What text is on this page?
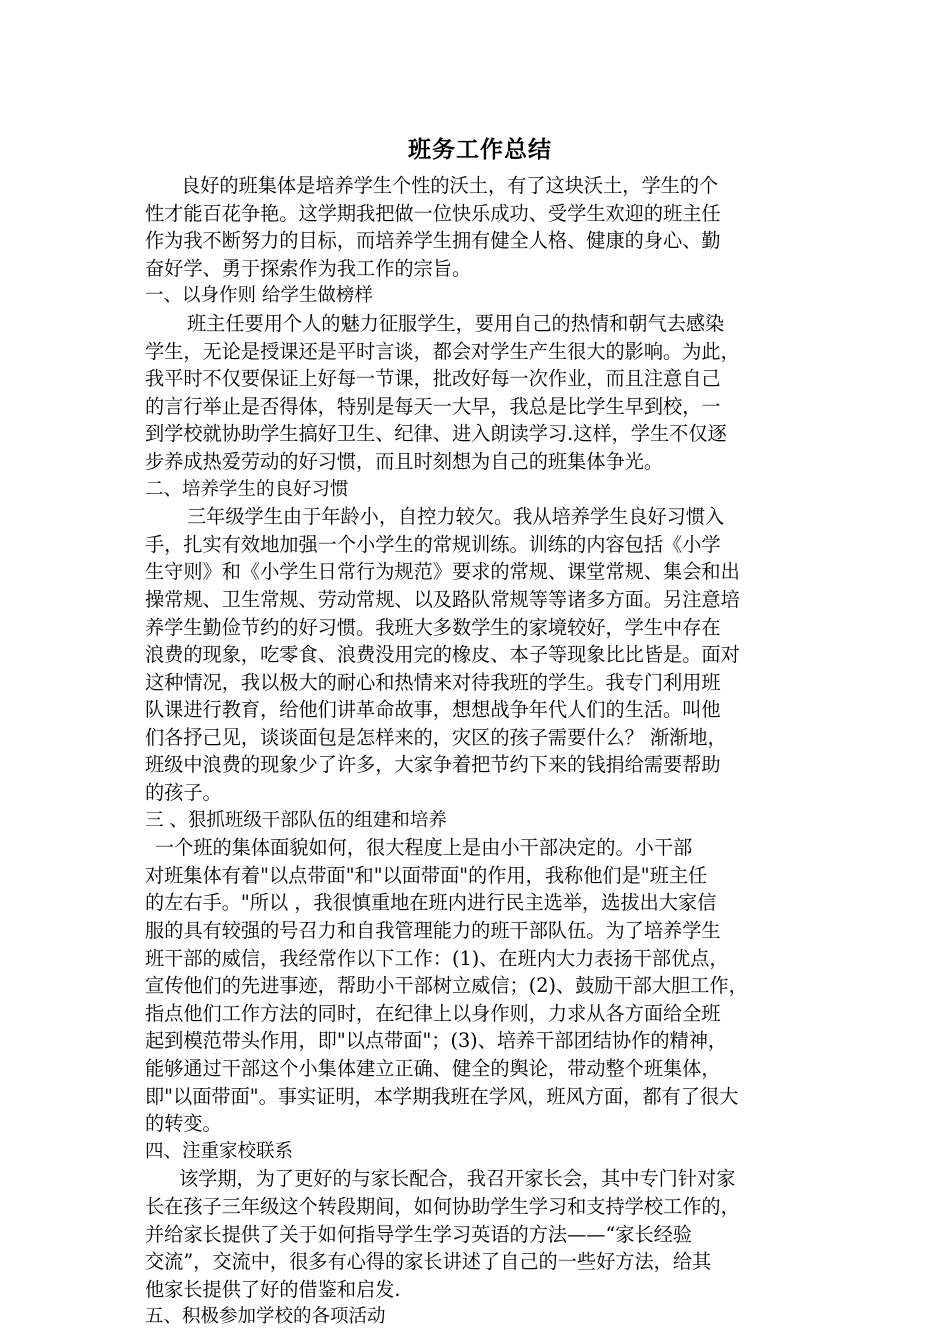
班务工作总结
良好的班集体是培养学生个性的沃土，有了这块沃土，学生的个
性才能百花争艳。这学期我把做一位快乐成功、受学生欢迎的班主任
作为我不断努力的目标，而培养学生拥有健全人格、健康的身心、勤
奋好学、勇于探索作为我工作的宗旨。
一、以身作则 给学生做榜样
班主任要用个人的魅力征服学生，要用自己的热情和朝气去感染
学生，无论是授课还是平时言谈，都会对学生产生很大的影响。为此，
我平时不仅要保证上好每一节课，批改好每一次作业，而且注意自己
的言行举止是否得体，特别是每天一大早，我总是比学生早到校，一
到学校就协助学生搞好卫生、纪律、进入朗读学习.这样，学生不仅逐
步养成热爱劳动的好习惯，而且时刻想为自己的班集体争光。
二、培养学生的良好习惯
三年级学生由于年龄小，自控力较欠。我从培养学生良好习惯入
手，扎实有效地加强一个小学生的常规训练。训练的内容包括《小学
生守则》和《小学生日常行为规范》要求的常规、课堂常规、集会和出
操常规、卫生常规、劳动常规、以及路队常规等等诸多方面。另注意培
养学生勤俭节约的好习惯。我班大多数学生的家境较好，学生中存在
浪费的现象，吃零食、浪费没用完的橡皮、本子等现象比比皆是。面对
这种情况，我以极大的耐心和热情来对待我班的学生。我专门利用班
队课进行教育，给他们讲革命故事，想想战争年代人们的生活。叫他
们各抒己见，谈谈面包是怎样来的，灾区的孩子需要什么？ 渐渐地，
班级中浪费的现象少了许多，大家争着把节约下来的钱捐给需要帮助
的孩子。
三 、狠抓班级干部队伍的组建和培养
一个班的集体面貌如何，很大程度上是由小干部决定的。小干部
对班集体有着"以点带面"和"以面带面"的作用，我称他们是"班主任
的左右手。"所以 ，我很慎重地在班内进行民主选举，选拔出大家信
服的具有较强的号召力和自我管理能力的班干部队伍。为了培养学生
班干部的威信，我经常作以下工作：(1)、在班内大力表扬干部优点，
宣传他们的先进事迹，帮助小干部树立威信；(2)、鼓励干部大胆工作，
指点他们工作方法的同时，在纪律上以身作则，力求从各方面给全班
起到模范带头作用，即"以点带面"；(3)、培养干部团结协作的精神，
能够通过干部这个小集体建立正确、健全的舆论，带动整个班集体，
即"以面带面"。事实证明，本学期我班在学风，班风方面，都有了很大
的转变。
四、注重家校联系
该学期，为了更好的与家长配合，我召开家长会，其中专门针对家
长在孩子三年级这个转段期间，如何协助学生学习和支持学校工作的，
并给家长提供了关于如何指导学生学习英语的方法——“家长经验
交流”，交流中，很多有心得的家长讲述了自己的一些好方法，给其
他家长提供了好的借鉴和启发.
五、积极参加学校的各项活动
